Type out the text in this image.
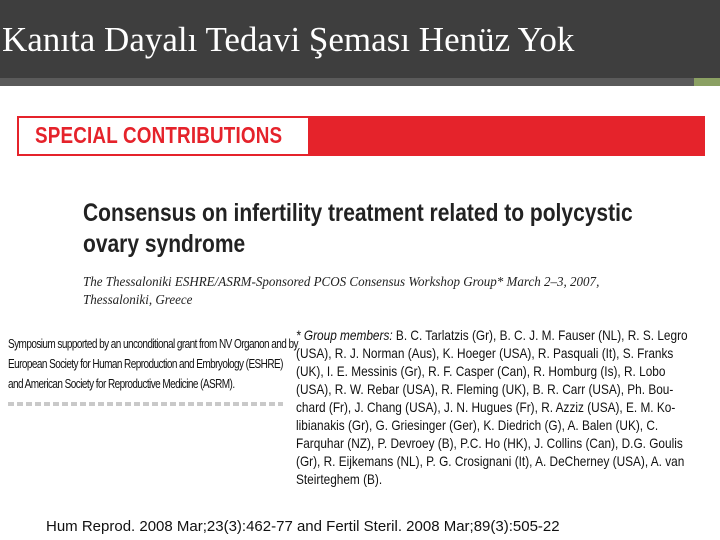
Kanıta Dayalı Tedavi Şeması Henüz Yok
SPECIAL CONTRIBUTIONS
Consensus on infertility treatment related to polycystic
ovary syndrome
The Thessaloniki ESHRE/ASRM-Sponsored PCOS Consensus Workshop Group* March 2–3, 2007,
Thessaloniki, Greece
Symposium supported by an unconditional grant from NV Organon and by
European Society for Human Reproduction and Embryology (ESHRE)
and American Society for Reproductive Medicine (ASRM).
* Group members: B. C. Tarlatzis (Gr), B. C. J. M. Fauser (NL), R. S. Legro
(USA), R. J. Norman (Aus), K. Hoeger (USA), R. Pasquali (It), S. Franks
(UK), I. E. Messinis (Gr), R. F. Casper (Can), R. Homburg (Is), R. Lobo
(USA), R. W. Rebar (USA), R. Fleming (UK), B. R. Carr (USA), Ph. Bou-
chard (Fr), J. Chang (USA), J. N. Hugues (Fr), R. Azziz (USA), E. M. Ko-
libianakis (Gr), G. Griesinger (Ger), K. Diedrich (G), A. Balen (UK), C.
Farquhar (NZ), P. Devroey (B), P.C. Ho (HK), J. Collins (Can), D.G. Goulis
(Gr), R. Eijkemans (NL), P. G. Crosignani (It), A. DeCherney (USA), A. van
Steirteghem (B).
Hum Reprod. 2008 Mar;23(3):462-77 and Fertil Steril. 2008 Mar;89(3):505-22
